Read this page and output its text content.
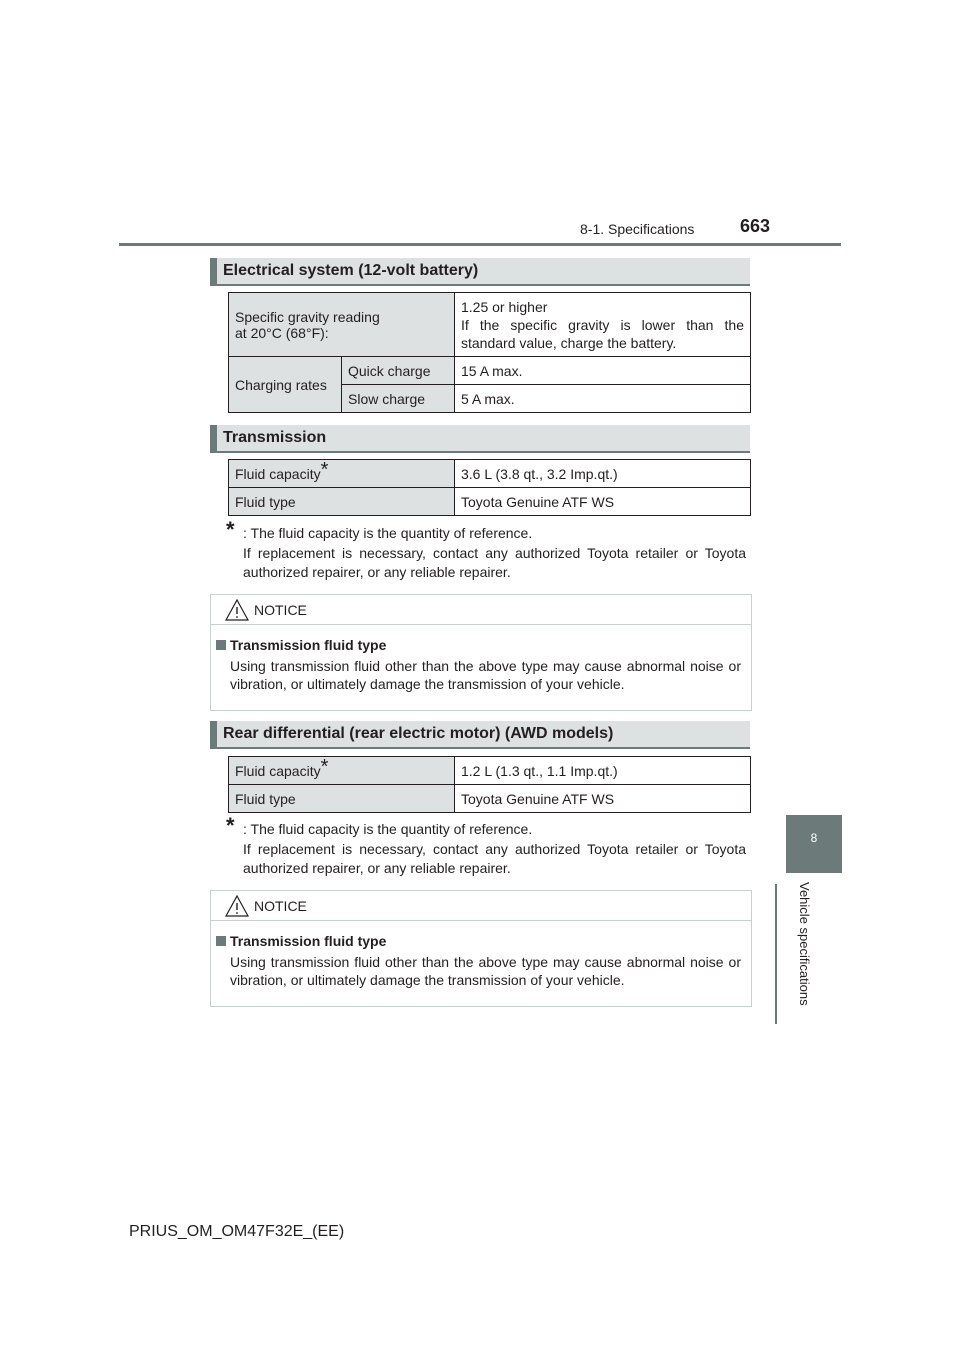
8-1. Specifications	663
8
Vehicle specifications
Electrical system (12-volt battery)
Specific gravity reading at 20°C (68°F):		1.25 or higher
If the specific gravity is lower than the standard value, charge the battery.

Charging rates	Quick charge	15 A max.
	Slow charge	5 A max.
Transmission
Fluid capacity*	3.6 L (3.8 qt., 3.2 Imp.qt.)
Fluid type	Toyota Genuine ATF WS
* : The fluid capacity is the quantity of reference.

If replacement is necessary, contact any authorized Toyota retailer or Toyota authorized repairer, or any reliable repairer.

NOTICE
Transmission fluid type

Using transmission fluid other than the above type may cause abnormal noise or vibration, or ultimately damage the transmission of your vehicle.

Rear differential (rear electric motor) (AWD models)
Fluid capacity*	1.2 L (1.3 qt., 1.1 Imp.qt.)
Fluid type	Toyota Genuine ATF WS
* : The fluid capacity is the quantity of reference.

If replacement is necessary, contact any authorized Toyota retailer or Toyota authorized repairer, or any reliable repairer.

NOTICE
Transmission fluid type

Using transmission fluid other than the above type may cause abnormal noise or vibration, or ultimately damage the transmission of your vehicle.

PRIUS_OM_OM47F32E_(EE)
